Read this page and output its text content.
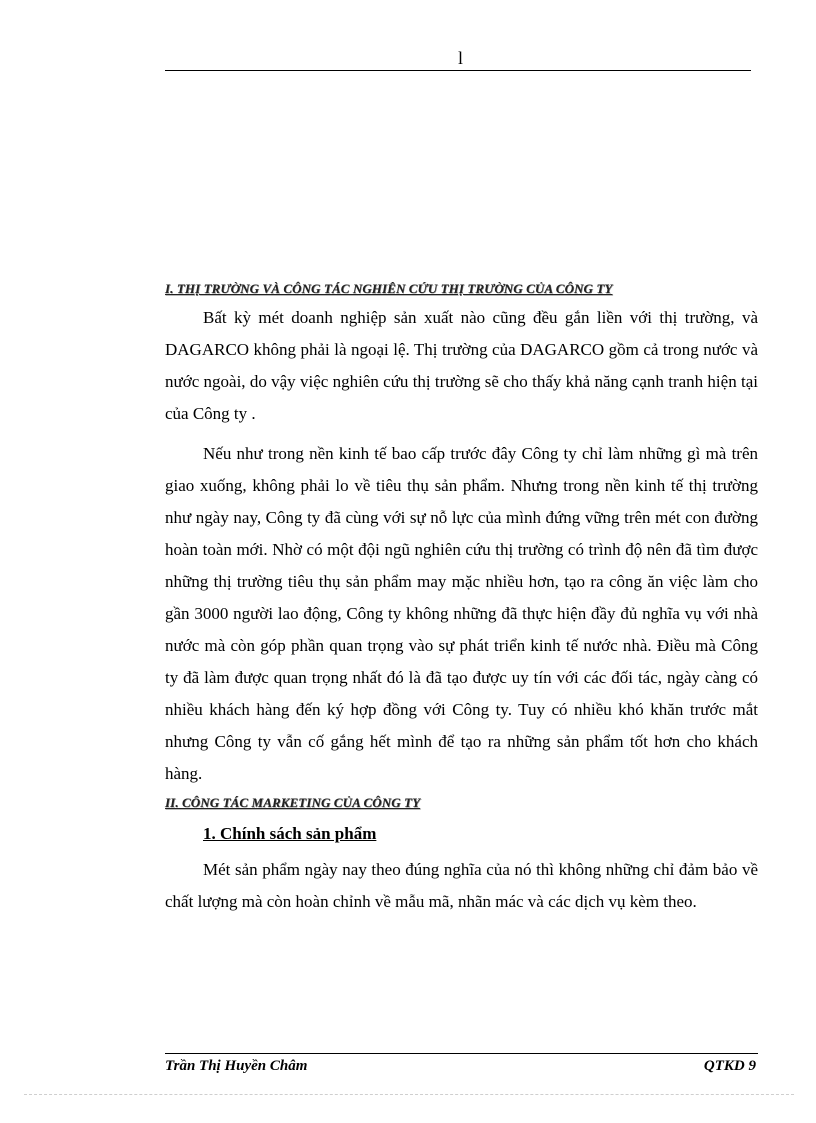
l
I. THỊ TRƯỜNG VÀ CÔNG TÁC NGHIÊN CỨU THỊ TRƯỜNG CỦA CÔNG TY

Bất kỳ mét doanh nghiệp sản xuất nào cũng đều gắn liền với thị trường, và DAGARCO không phải là ngoại lệ. Thị trường của DAGARCO gồm cả trong nước và nước ngoài, do vậy việc nghiên cứu thị trường sẽ cho thấy khả năng cạnh tranh hiện tại của Công ty .

Nếu như trong nền kinh tế bao cấp trước đây Công ty chỉ làm những gì mà trên giao xuống, không phải lo về tiêu thụ sản phẩm. Nhưng trong nền kinh tế thị trường như ngày nay, Công ty đã cùng với sự nỗ lực của mình đứng vững trên mét con đường hoàn toàn mới. Nhờ có một đội ngũ nghiên cứu thị trường có trình độ nên đã tìm được những thị trường tiêu thụ sản phẩm may mặc nhiều hơn, tạo ra công ăn việc làm cho gần 3000 người lao động, Công ty không những đã thực hiện đầy đủ nghĩa vụ với nhà nước mà còn góp phần quan trọng vào sự phát triển kinh tế nước nhà. Điều mà Công ty đã làm được quan trọng nhất đó là đã tạo được uy tín với các đối tác, ngày càng có nhiều khách hàng đến ký hợp đồng với Công ty. Tuy có nhiều khó khăn trước mắt nhưng Công ty vẫn cố gắng hết mình để tạo ra những sản phẩm tốt hơn cho khách hàng.

II. CÔNG TÁC MARKETING CỦA CÔNG TY
1. Chính sách sản phẩm

Mét sản phẩm ngày nay theo đúng nghĩa của nó thì không những chỉ đảm bảo về chất lượng mà còn hoàn chỉnh về mẫu mã, nhãn mác và các dịch vụ kèm theo.

Trần Thị Huyền Châm	QTKD 9
